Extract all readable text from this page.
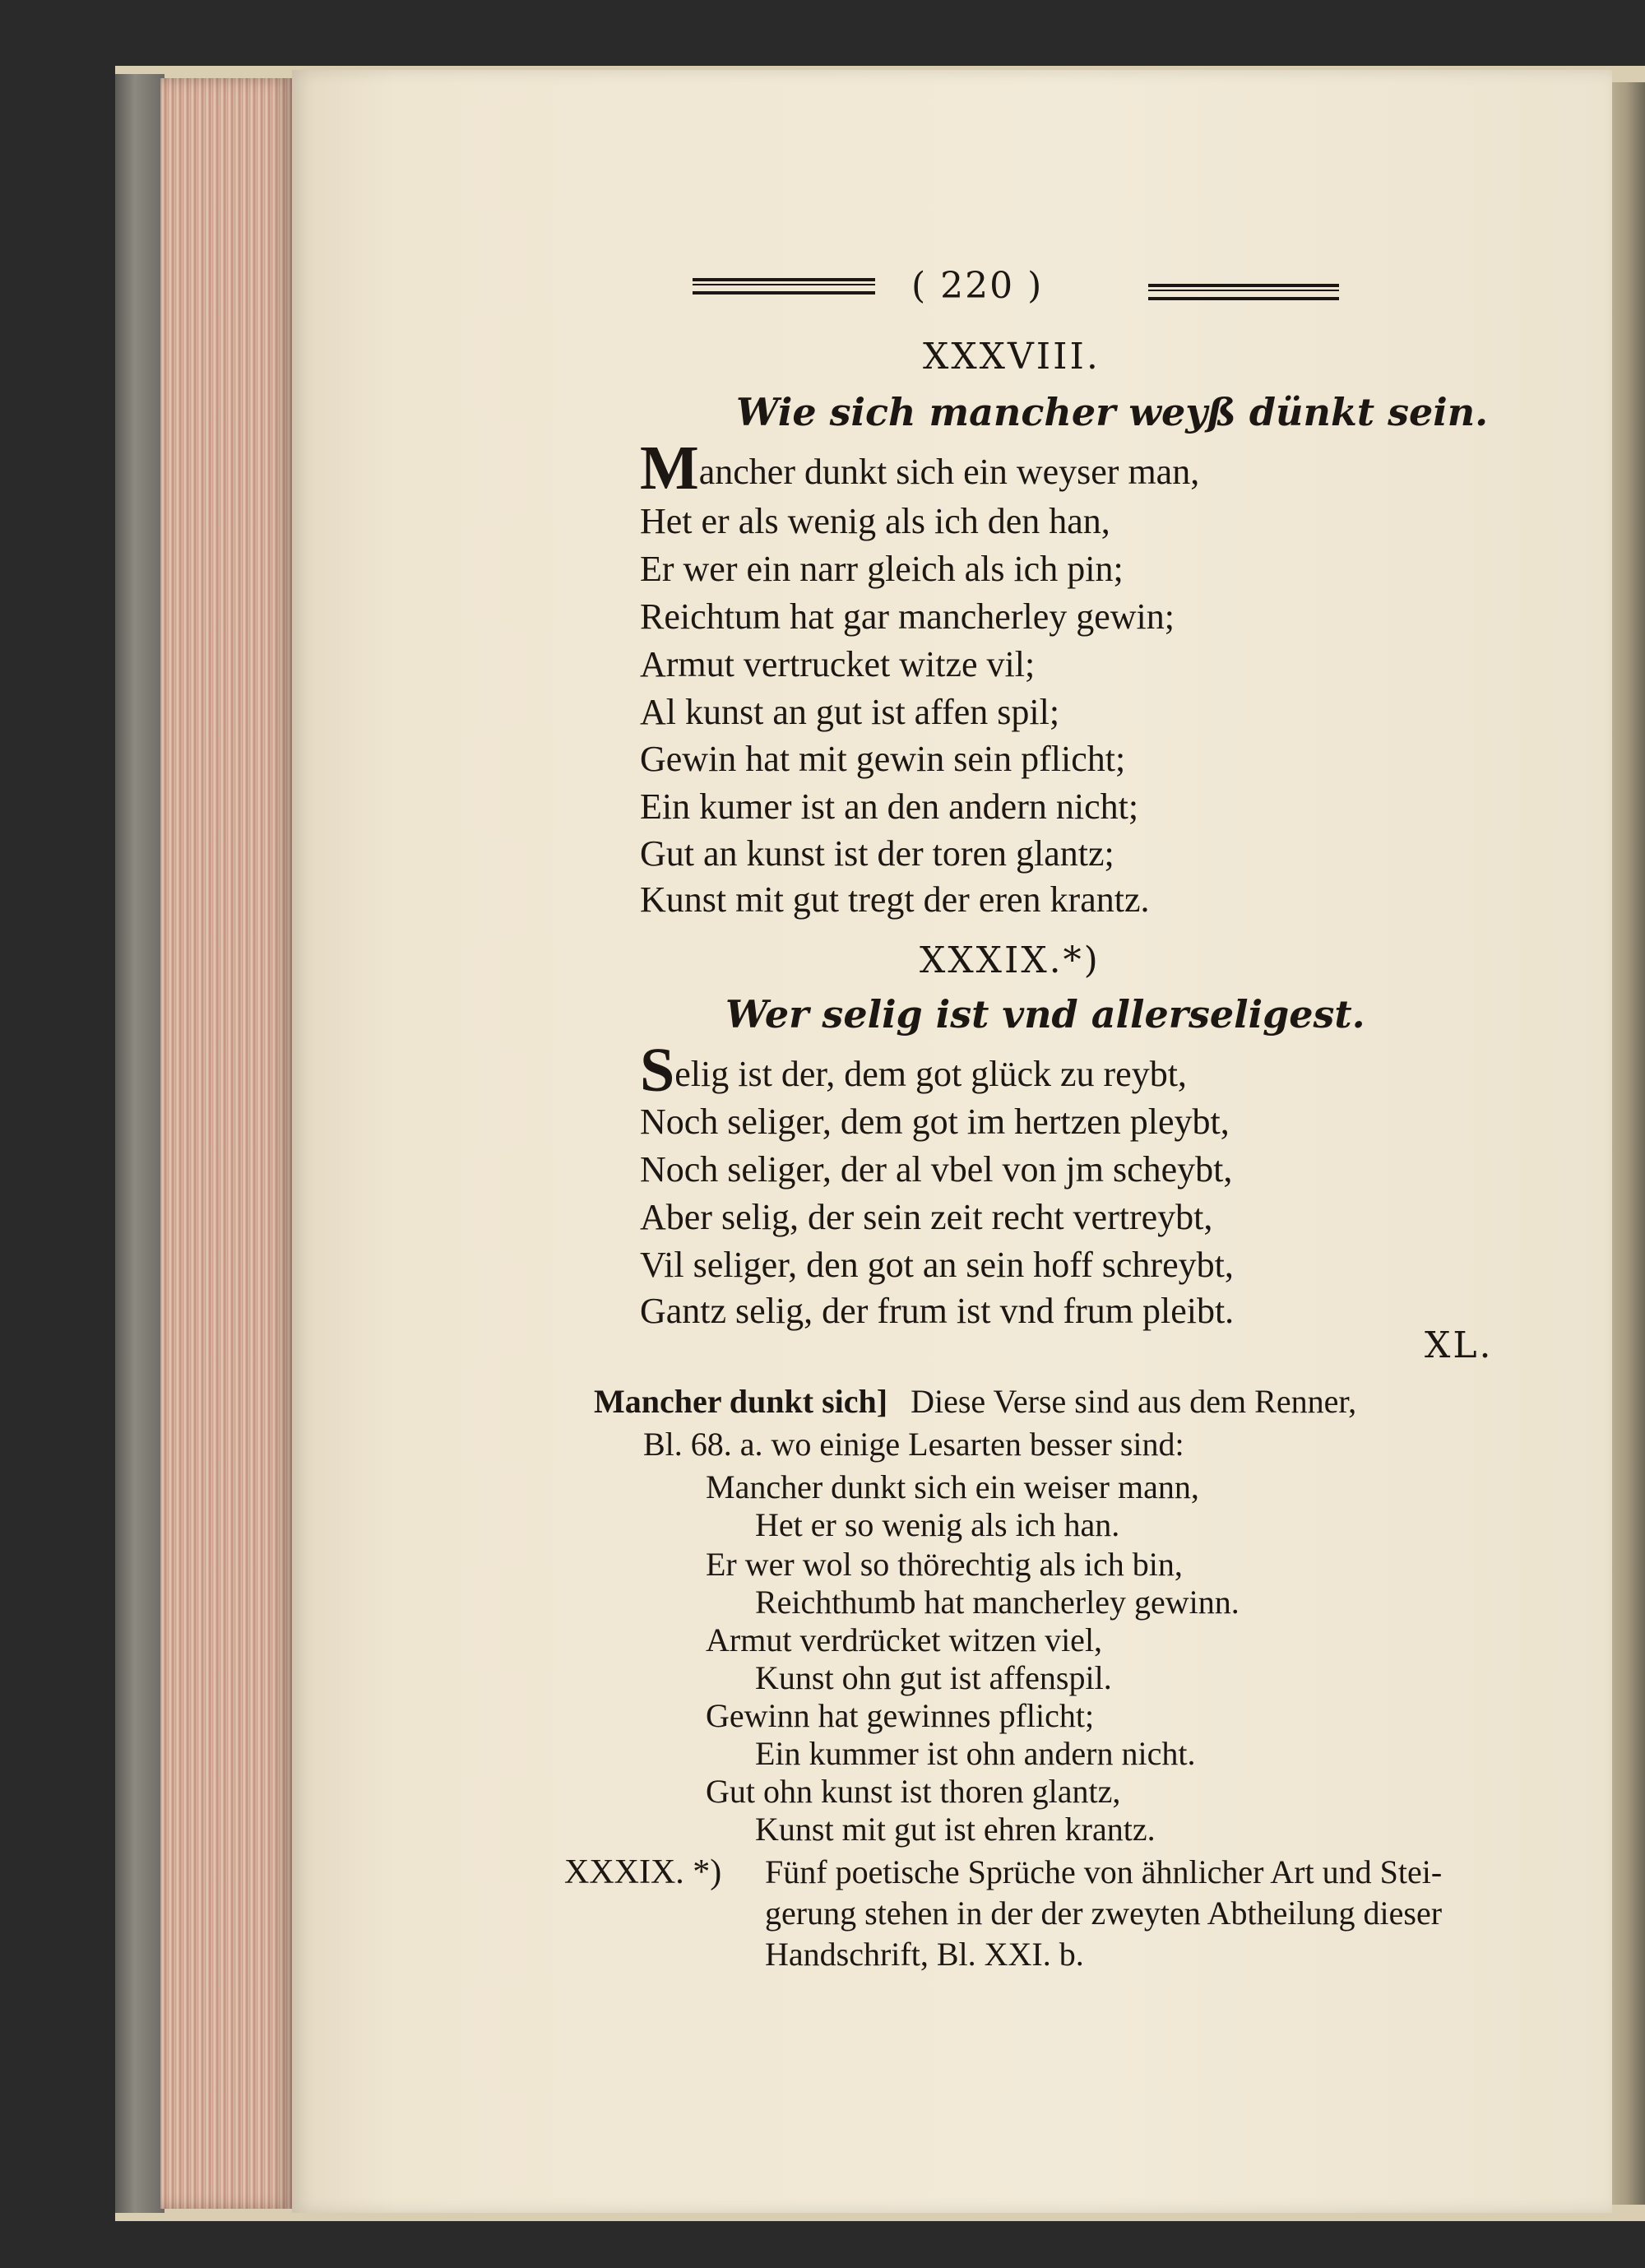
( 220 )
XXXVIII.
Wie sich mancher weyß dünkt sein.
Mancher dunkt sich ein weyser man,
Het er als wenig als ich den han,
Er wer ein narr gleich als ich pin;
Reichtum hat gar mancherley gewin;
Armut vertrucket witze vil;
Al kunst an gut ist affen spil;
Gewin hat mit gewin sein pflicht;
Ein kumer ist an den andern nicht;
Gut an kunst ist der toren glantz;
Kunst mit gut tregt der eren krantz.
XXXIX.*)
Wer selig ist vnd allerseligest.
Selig ist der, dem got glück zu reybt,
Noch seliger, dem got im hertzen pleybt,
Noch seliger, der al vbel von jm scheybt,
Aber selig, der sein zeit recht vertreybt,
Vil seliger, den got an sein hoff schreybt,
Gantz selig, der frum ist vnd frum pleibt.
XL.
Mancher dunkt sich] Diese Verse sind aus dem Renner,
Bl. 68. a. wo einige Lesarten besser sind:
Mancher dunkt sich ein weiser mann,
Het er so wenig als ich han.
Er wer wol so thörechtig als ich bin,
Reichthumb hat mancherley gewinn.
Armut verdrücket witzen viel,
Kunst ohn gut ist affenspil.
Gewinn hat gewinnes pflicht;
Ein kummer ist ohn andern nicht.
Gut ohn kunst ist thoren glantz,
Kunst mit gut ist ehren krantz.
XXXIX. *) Fünf poetische Sprüche von ähnlicher Art und Stei-
gerung stehen in der der zweyten Abtheilung dieser
Handschrift, Bl. XXI. b.
